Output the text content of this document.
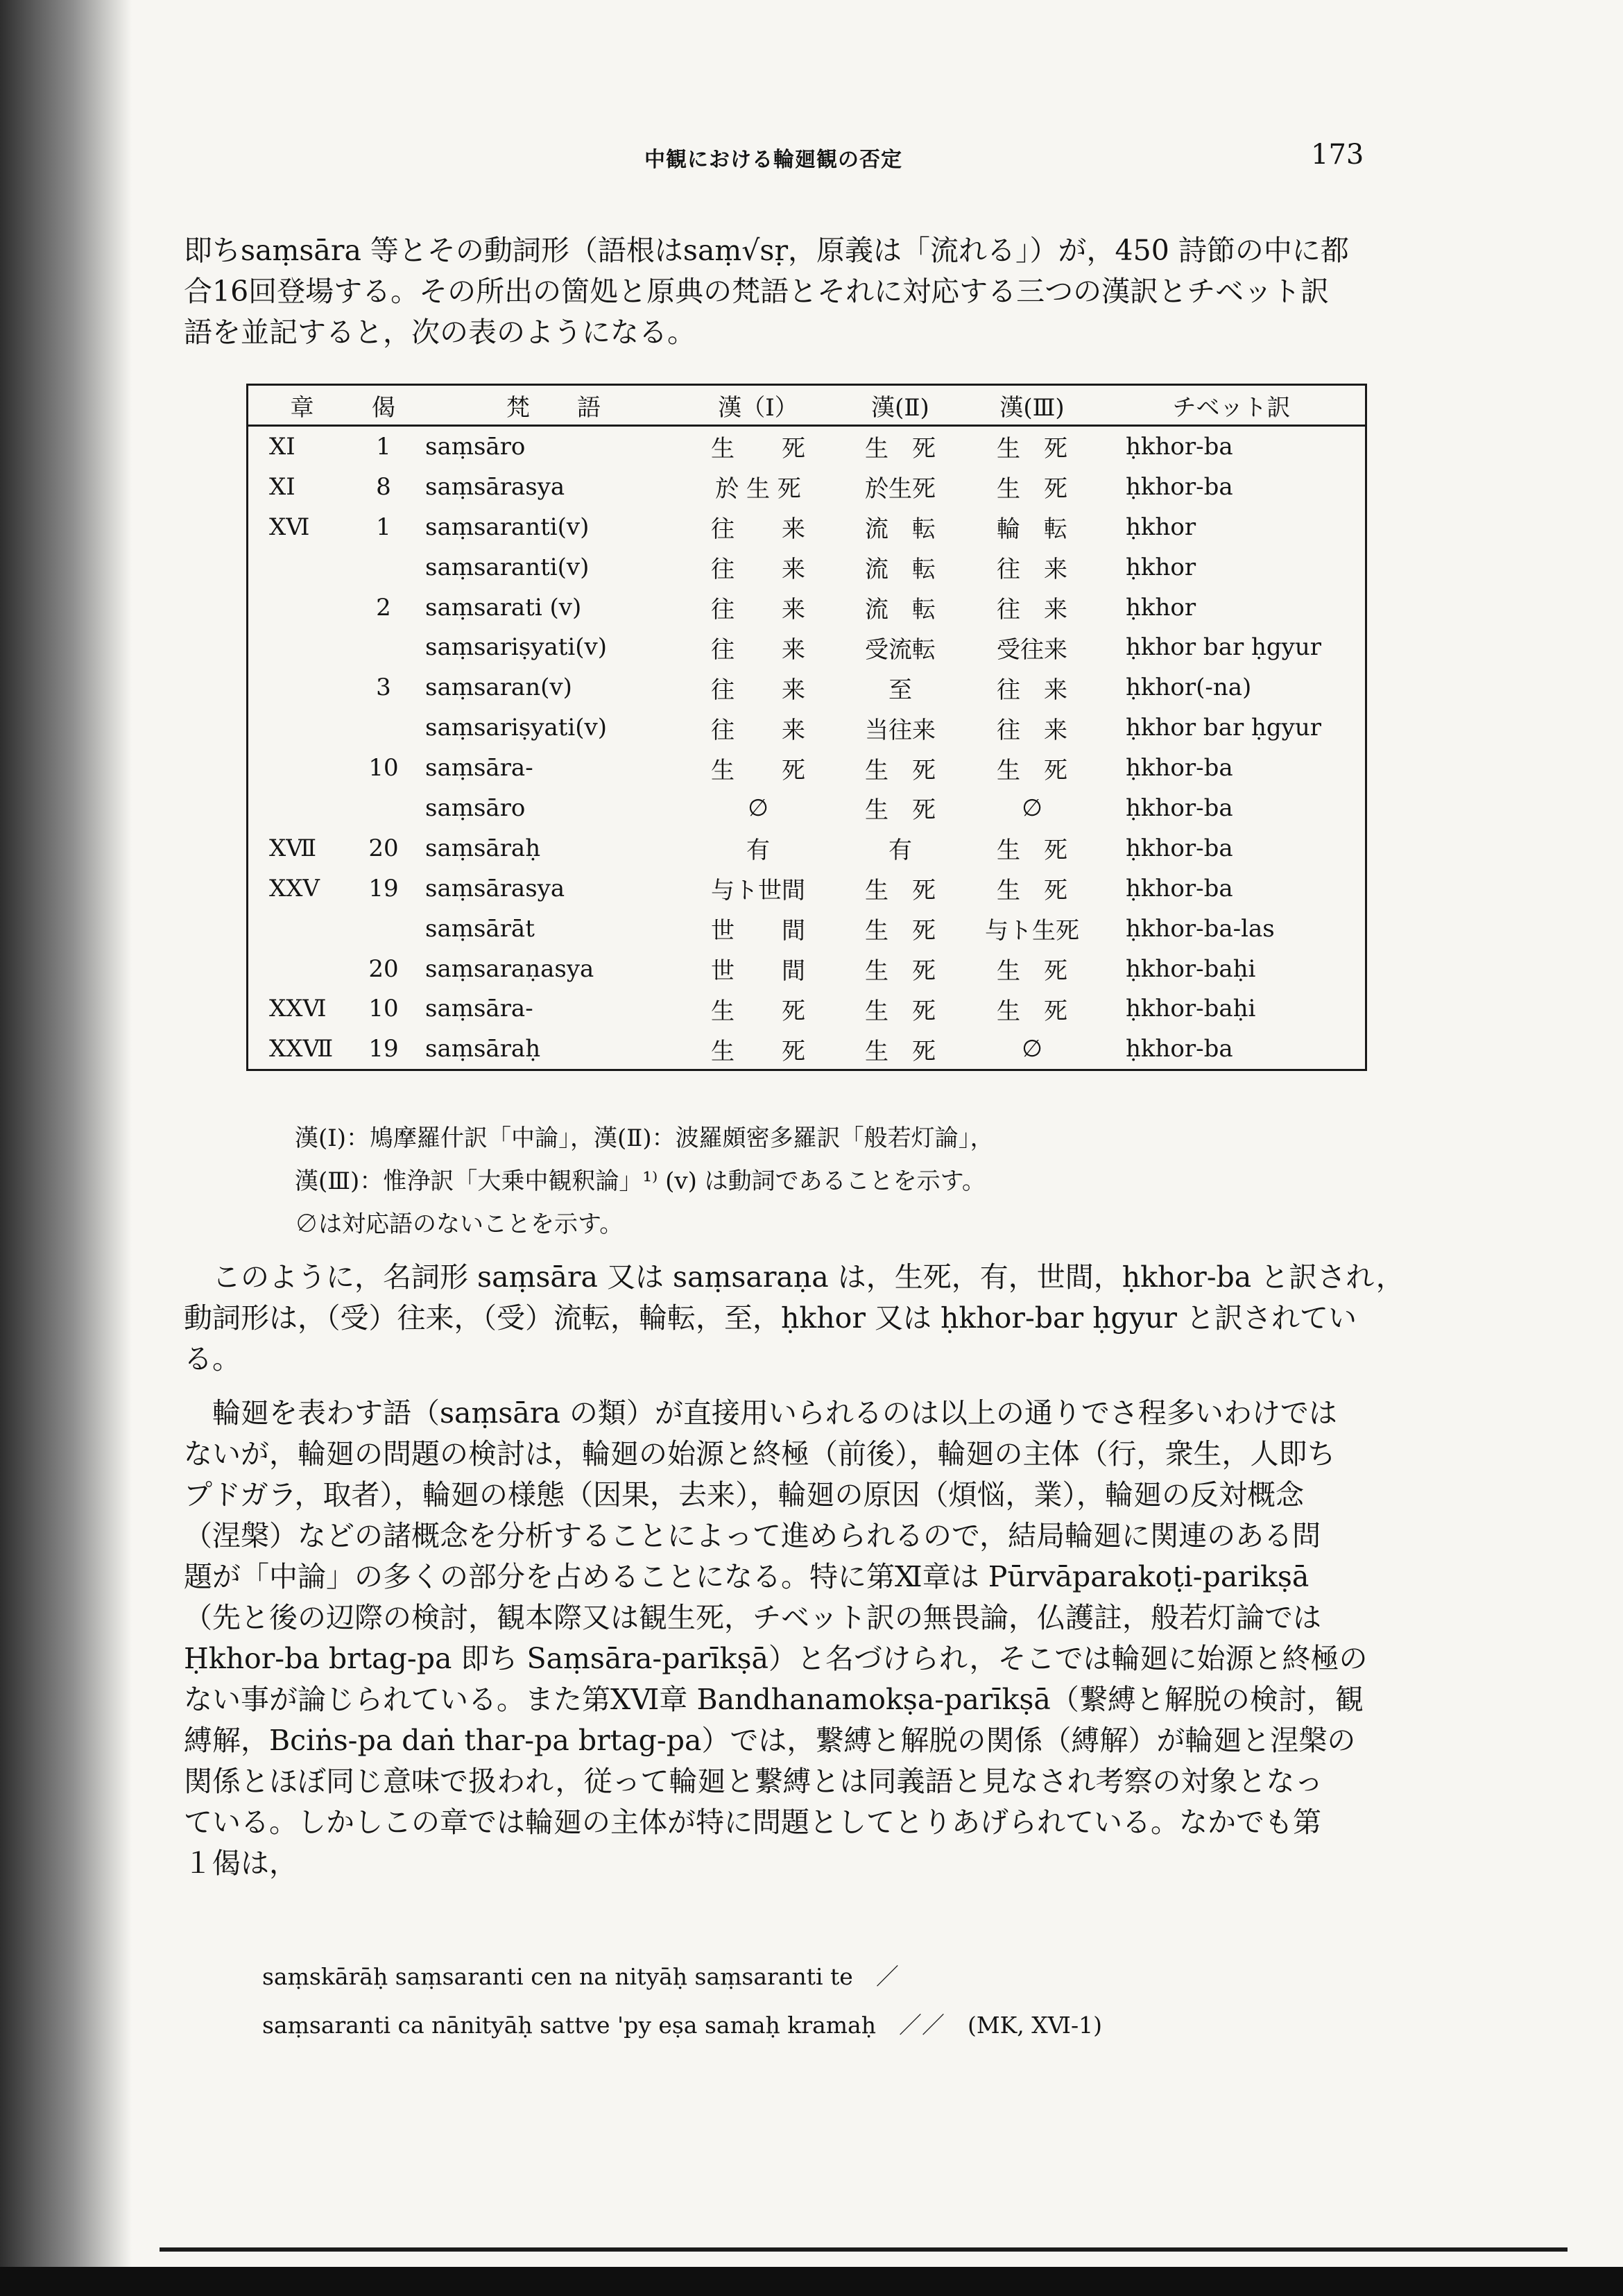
中観における輪廻観の否定	173

即ちsaṃsāra 等とその動詞形（語根はsaṃ√sṛ，原義は「流れる」）が，450 詩節の中に都
合16回登場する。その所出の箇処と原典の梵語とそれに対応する三つの漢訳とチベット訳
語を並記すると，次の表のようになる。

章	偈	梵　　語	漢（Ⅰ）	漢(Ⅱ)	漢(Ⅲ)	チベット訳
ⅩⅠ	1	saṃsāro	生　　死	生　死	生　死	ḥkhor-ba
ⅩⅠ	8	saṃsārasya	於 生 死	於生死	生　死	ḥkhor-ba
ⅩⅥ	1	saṃsaranti(v)	往　　来	流　転	輪　転	ḥkhor
		saṃsaranti(v)	往　　来	流　転	往　来	ḥkhor
	2	saṃsarati (v)	往　　来	流　転	往　来	ḥkhor
		saṃsariṣyati(v)	往　　来	受流転	受往来	ḥkhor bar ḥgyur
	3	saṃsaran(v)	往　　来	至	往　来	ḥkhor(-na)
		saṃsariṣyati(v)	往　　来	当往来	往　来	ḥkhor bar ḥgyur
	10	saṃsāra-	生　　死	生　死	生　死	ḥkhor-ba
		saṃsāro	∅	生　死	∅	ḥkhor-ba
ⅩⅦ	20	saṃsāraḥ	有	有	生　死	ḥkhor-ba
ⅩⅩⅤ	19	saṃsārasya	与ト世間	生　死	生　死	ḥkhor-ba
		saṃsārāt	世　　間	生　死	与ト生死	ḥkhor-ba-las
	20	saṃsaraṇasya	世　　間	生　死	生　死	ḥkhor-baḥi
ⅩⅩⅥ	10	saṃsāra-	生　　死	生　死	生　死	ḥkhor-baḥi
ⅩⅩⅦ	19	saṃsāraḥ	生　　死	生　死	∅	ḥkhor-ba
漢(Ⅰ)：鳩摩羅什訳「中論」，漢(Ⅱ)：波羅頗密多羅訳「般若灯論」，
漢(Ⅲ)：惟浄訳「大乗中観釈論」¹⁾ (v) は動詞であることを示す。
∅は対応語のないことを示す。

　このように，名詞形 saṃsāra 又は saṃsaraṇa は，生死，有，世間，ḥkhor-ba と訳され，
動詞形は，（受）往来，（受）流転，輪転，至，ḥkhor 又は ḥkhor-bar ḥgyur と訳されてい
る。

　輪廻を表わす語（saṃsāra の類）が直接用いられるのは以上の通りでさ程多いわけでは
ないが，輪廻の問題の検討は，輪廻の始源と終極（前後），輪廻の主体（行，衆生，人即ち
プドガラ，取者），輪廻の様態（因果，去来），輪廻の原因（煩悩，業），輪廻の反対概念
（涅槃）などの諸概念を分析することによって進められるので，結局輪廻に関連のある問
題が「中論」の多くの部分を占めることになる。特に第Ⅺ章は Pūrvāparakoṭi-parikṣā
（先と後の辺際の検討，観本際又は観生死，チベット訳の無畏論，仏護註，般若灯論では
Ḥkhor-ba brtag-pa 即ち Saṃsāra-parīkṣā）と名づけられ，そこでは輪廻に始源と終極の
ない事が論じられている。また第ⅩⅥ章 Bandhanamokṣa-parīkṣā（繋縛と解脱の検討，観
縛解，Bciṅs-pa daṅ thar-pa brtag-pa）では，繋縛と解脱の関係（縛解）が輪廻と涅槃の
関係とほぼ同じ意味で扱われ，従って輪廻と繋縛とは同義語と見なされ考察の対象となっ
ている。しかしこの章では輪廻の主体が特に問題としてとりあげられている。なかでも第
１偈は，

saṃskārāḥ saṃsaranti cen na nityāḥ saṃsaranti te　／
saṃsaranti ca nānityāḥ sattve 'py eṣa samaḥ kramaḥ　／／　(MK, ⅩⅥ-1)
